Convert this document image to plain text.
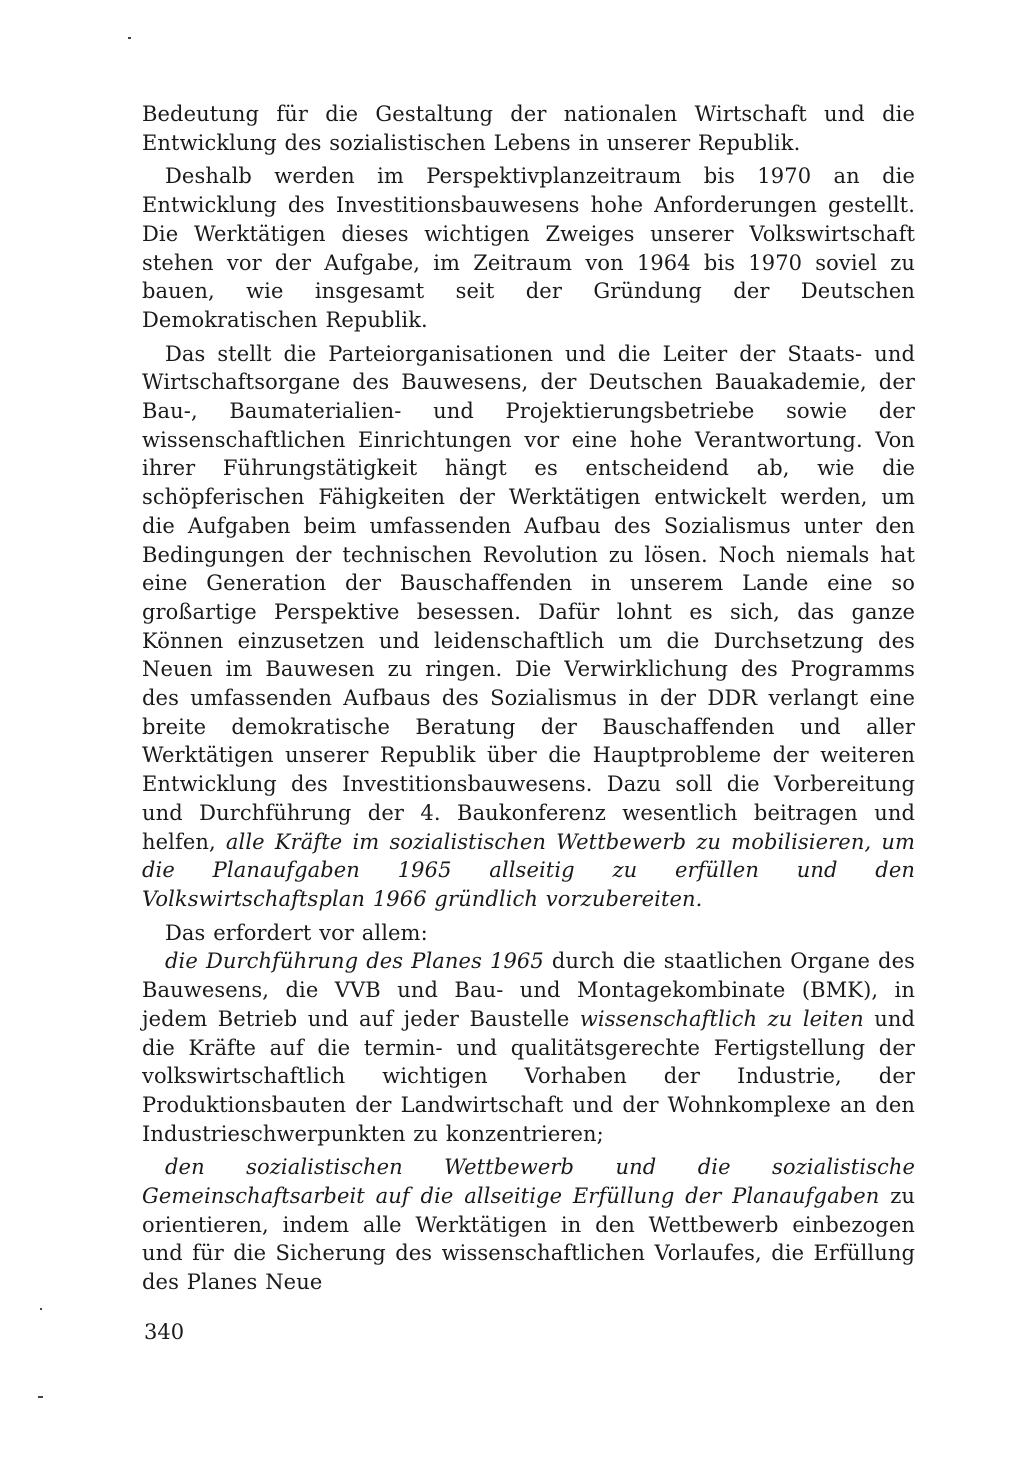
Bedeutung für die Gestaltung der nationalen Wirtschaft und die Entwicklung des sozialistischen Lebens in unserer Republik.

Deshalb werden im Perspektivplanzeitraum bis 1970 an die Entwicklung des Investitionsbauwesens hohe Anforderungen gestellt. Die Werktätigen dieses wichtigen Zweiges unserer Volkswirtschaft stehen vor der Aufgabe, im Zeitraum von 1964 bis 1970 soviel zu bauen, wie insgesamt seit der Gründung der Deutschen Demokratischen Republik.

Das stellt die Parteiorganisationen und die Leiter der Staats- und Wirtschaftsorgane des Bauwesens, der Deutschen Bauakademie, der Bau-, Baumaterialien- und Projektierungsbetriebe sowie der wissenschaftlichen Einrichtungen vor eine hohe Verantwortung. Von ihrer Führungstätigkeit hängt es entscheidend ab, wie die schöpferischen Fähigkeiten der Werktätigen entwickelt werden, um die Aufgaben beim umfassenden Aufbau des Sozialismus unter den Bedingungen der technischen Revolution zu lösen. Noch niemals hat eine Generation der Bauschaffenden in unserem Lande eine so großartige Perspektive besessen. Dafür lohnt es sich, das ganze Können einzusetzen und leidenschaftlich um die Durchsetzung des Neuen im Bauwesen zu ringen. Die Verwirklichung des Programms des umfassenden Aufbaus des Sozialismus in der DDR verlangt eine breite demokratische Beratung der Bauschaffenden und aller Werktätigen unserer Republik über die Hauptprobleme der weiteren Entwicklung des Investitionsbauwesens. Dazu soll die Vorbereitung und Durchführung der 4. Baukonferenz wesentlich beitragen und helfen, alle Kräfte im sozialistischen Wettbewerb zu mobilisieren, um die Planaufgaben 1965 allseitig zu erfüllen und den Volkswirtschaftsplan 1966 gründlich vorzubereiten.

Das erfordert vor allem:

die Durchführung des Planes 1965 durch die staatlichen Organe des Bauwesens, die VVB und Bau- und Montagekombinate (BMK), in jedem Betrieb und auf jeder Baustelle wissenschaftlich zu leiten und die Kräfte auf die termin- und qualitätsgerechte Fertigstellung der volkswirtschaftlich wichtigen Vorhaben der Industrie, der Produktionsbauten der Landwirtschaft und der Wohnkomplexe an den Industrieschwerpunkten zu konzentrieren;

den sozialistischen Wettbewerb und die sozialistische Gemeinschaftsarbeit auf die allseitige Erfüllung der Planaufgaben zu orientieren, indem alle Werktätigen in den Wettbewerb einbezogen und für die Sicherung des wissenschaftlichen Vorlaufes, die Erfüllung des Planes Neue

340
